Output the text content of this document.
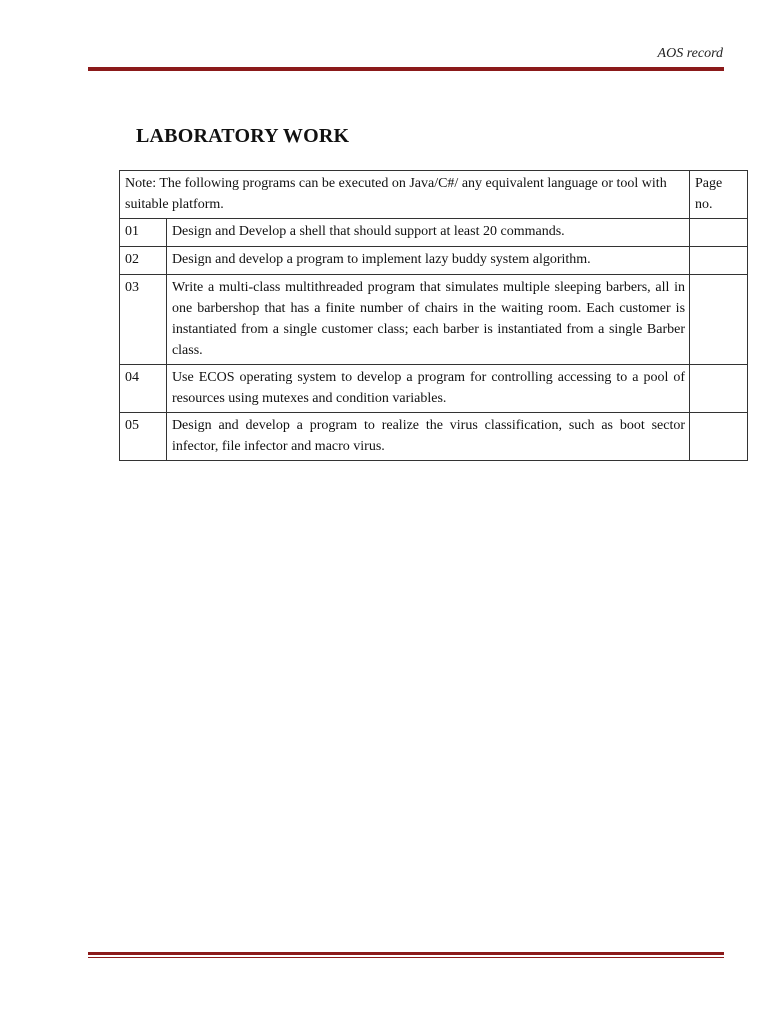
AOS record
LABORATORY WORK
Note: The following programs can be executed on Java/C#/ any equivalent language or tool with suitable platform.		Page no.
01	Design and Develop a shell that should support at least 20 commands.	
02	Design and develop a program to implement lazy buddy system algorithm.	
03	Write a multi-class multithreaded program that simulates multiple sleeping barbers, all in one barbershop that has a finite number of chairs in the waiting room. Each customer is instantiated from a single customer class; each barber is instantiated from a single Barber class.	
04	Use ECOS operating system to develop a program for controlling accessing to a pool of resources using mutexes and condition variables.	
05	Design and develop a program to realize the virus classification, such as boot sector infector, file infector and macro virus.	
